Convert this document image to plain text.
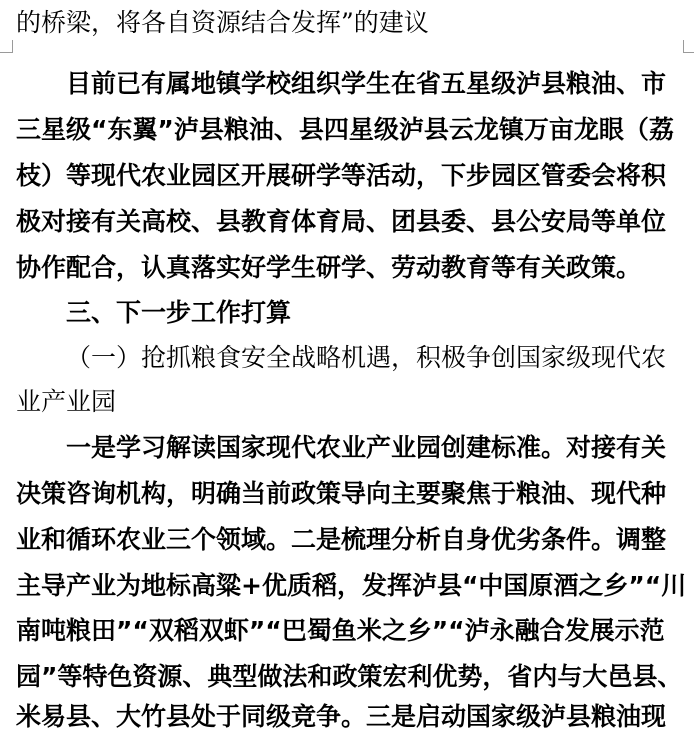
的桥梁，将各自资源结合发挥”的建议
目前已有属地镇学校组织学生在省五星级泸县粮油、市
三星级“东翼”泸县粮油、县四星级泸县云龙镇万亩龙眼（荔
枝）等现代农业园区开展研学等活动，下步园区管委会将积
极对接有关高校、县教育体育局、团县委、县公安局等单位
协作配合，认真落实好学生研学、劳动教育等有关政策。
三、下一步工作打算
（一）抢抓粮食安全战略机遇，积极争创国家级现代农
业产业园
一是学习解读国家现代农业产业园创建标准。对接有关
决策咨询机构，明确当前政策导向主要聚焦于粮油、现代种
业和循环农业三个领域。二是梳理分析自身优劣条件。调整
主导产业为地标高粱+优质稻，发挥泸县“中国原酒之乡”“川
南吨粮田”“双稻双虾”“巴蜀鱼米之乡”“泸永融合发展示范
园”等特色资源、典型做法和政策宏利优势，省内与大邑县、
米易县、大竹县处于同级竞争。三是启动国家级泸县粮油现
